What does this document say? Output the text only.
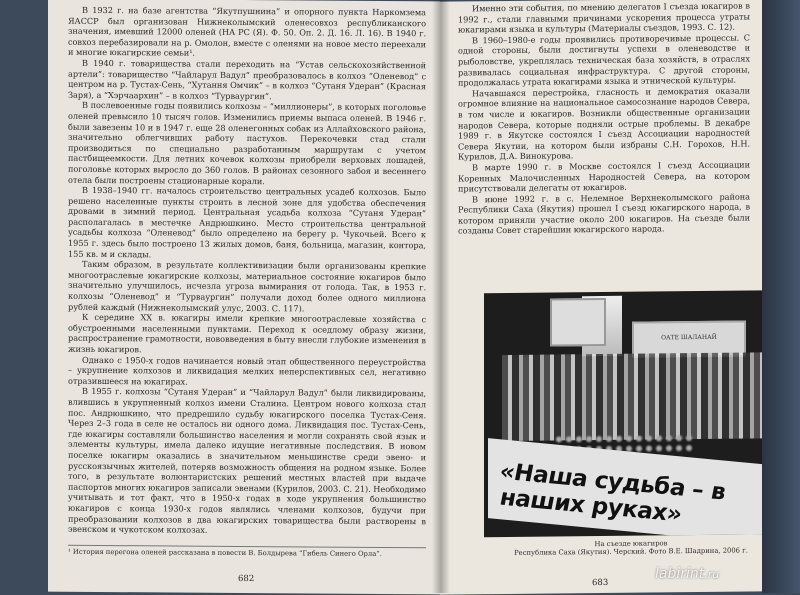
В 1932 г. на базе агентства “Якутпушнина” и опорного пункта Наркомзема ЯАССР был организован Нижнеколымский оленесовхоз республиканского значения, имевший 12000 оленей (НА РС (Я). Ф. 50. Оп. 2. Д. 16. Л. 16). В 1940 г. совхоз перебазировали на р. Омолон, вместе с оленями на новое место переехали и многие юкагирские семьи¹.

В 1940 г. товарищества стали переходить на “Устав сельскохозяйственной артели”: товарищество “Чайларул Вадул” преобразовалось в колхоз “Оленевод” с центром на р. Тустах-Сень, “Хутання Омчик” – в колхоз “Сутаня Удеран” (Красная Заря), а “Хэрчаархин” – в колхоз “Турваургин”.

В послевоенные годы появились колхозы – “миллионеры”, в которых поголовье оленей превысило 10 тысяч голов. Изменились приемы выпаса оленей. В 1946 г. были завезены 10 и в 1947 г. еще 28 оленегонных собак из Аллайховского района, значительно облегчивших работу пастухов. Перекочевки стад стали производиться по специально разработанным маршрутам с учетом пастбищеемкости. Для летних кочевок колхозы приобрели верховых лошадей, поголовье которых выросло до 360 голов. В районах сезонного забоя и весеннего отела были построены стационарные корали.

В 1938–1940 гг. началось строительство центральных усадеб колхозов. Было решено населенные пункты строить в лесной зоне для удобства обеспечения дровами в зимний период. Центральная усадьба колхоза “Сутаня Удеран” располагалась в местечке Андрюшкино. Место строительства центральной усадьбы колхоза “Оленевод” было определено на берегу р. Чукочьей. Всего к 1955 г. здесь было построено 13 жилых домов, баня, больница, магазин, контора, 155 кв. м и склады.

Таким образом, в результате коллективизации были организованы крепкие многоотраслевые юкагирские колхозы, материальное состояние юкагиров было значительно улучшилось, исчезла угроза вымирания от голода. Так, в 1953 г. колхозы “Оленевод” и “Турваургин” получали доход более одного миллиона рублей каждый (Нижнеколымский улус, 2003. С. 117).

К середине XX в. юкагиры имели крепкие многоотраслевые хозяйства с обустроенными населенными пунктами. Переход к оседлому образу жизни, распространение грамотности, нововведения в быту внесли глубокие изменения в жизнь юкагиров.

Однако с 1950-х годов начинается новый этап общественного переустройства – укрупнение колхозов и ликвидация мелких неперспективных сел, негативно отразившееся на юкагирах.

В 1955 г. колхозы “Сутаня Удеран” и “Чайларул Вадул” были ликвидированы, влившись в укрупненный колхоз имени Сталина. Центром нового колхоза стал пос. Андрюшкино, что предрешило судьбу юкагирского поселка Тустах-Сеня. Через 2–3 года в селе не осталось ни одного дома. Ликвидация пос. Тустах-Сень, где юкагиры составляли большинство населения и могли сохранять свой язык и элементы культуры, имела далеко идущие негативные последствия. В новом поселке юкагиры оказались в значительном меньшинстве среди эвено- и русскоязычных жителей, потеряв возможность общения на родном языке. Более того, в результате волюнтаристских решений местных властей при выдаче паспортов многих юкагиров записали эвенами (Курилов, 2003. С. 21). Необходимо учитывать и тот факт, что в 1950-х годах в ходе укрупнения большинство юкагиров с конца 1930-х годов являлись членами колхозов, будучи при преобразовании колхозов в два юкагирских товарищества были растворены в эвенском и чукотском колхозах.

¹ История перегона оленей рассказана в повести В. Болдырева “Гибель Синего Орла”.
682

Именно эти события, по мнению делегатов I съезда юкагиров в 1992 г., стали главными причинами ускорения процесса утраты юкагирами языка и культуры (Материалы съездов, 1993. С. 12).

В 1960–1980-е годы проявились противоречивые процессы. С одной стороны, были достигнуты успехи в оленеводстве и рыболовстве, укреплялась техническая база хозяйств, в отраслях развивалась социальная инфраструктура. С другой стороны, продолжалась утрата юкагирами языка и этнической культуры.

Начавшаяся перестройка, гласность и демократия оказали огромное влияние на национальное самосознание народов Севера, в том числе и юкагиров. Возникли общественные организации народов Севера, которые подняли острые проблемы. В декабре 1989 г. в Якутске состоялся I съезд Ассоциации народностей Севера Якутии, на котором были избраны С.Н. Горохов, Н.Н. Курилов, Д.А. Винокурова.

В марте 1990 г. в Москве состоялся I съезд Ассоциации Коренных Малочисленных Народностей Севера, на котором присутствовали делегаты от юкагиров.

В июне 1992 г. в с. Нелемное Верхнеколымского района Республики Саха (Якутия) прошел I съезд юкагирского народа, в котором приняли участие около 200 юкагиров. На съезде были созданы Совет старейшин юкагирского народа.

ОАТЕ ШАЛАНАЙ
«Наша судьба – в наших руках»
На съезде юкагиров
Республика Саха (Якутия). Черский. Фото В.Е. Шадрина, 2006 г.
683
labirint.ru
